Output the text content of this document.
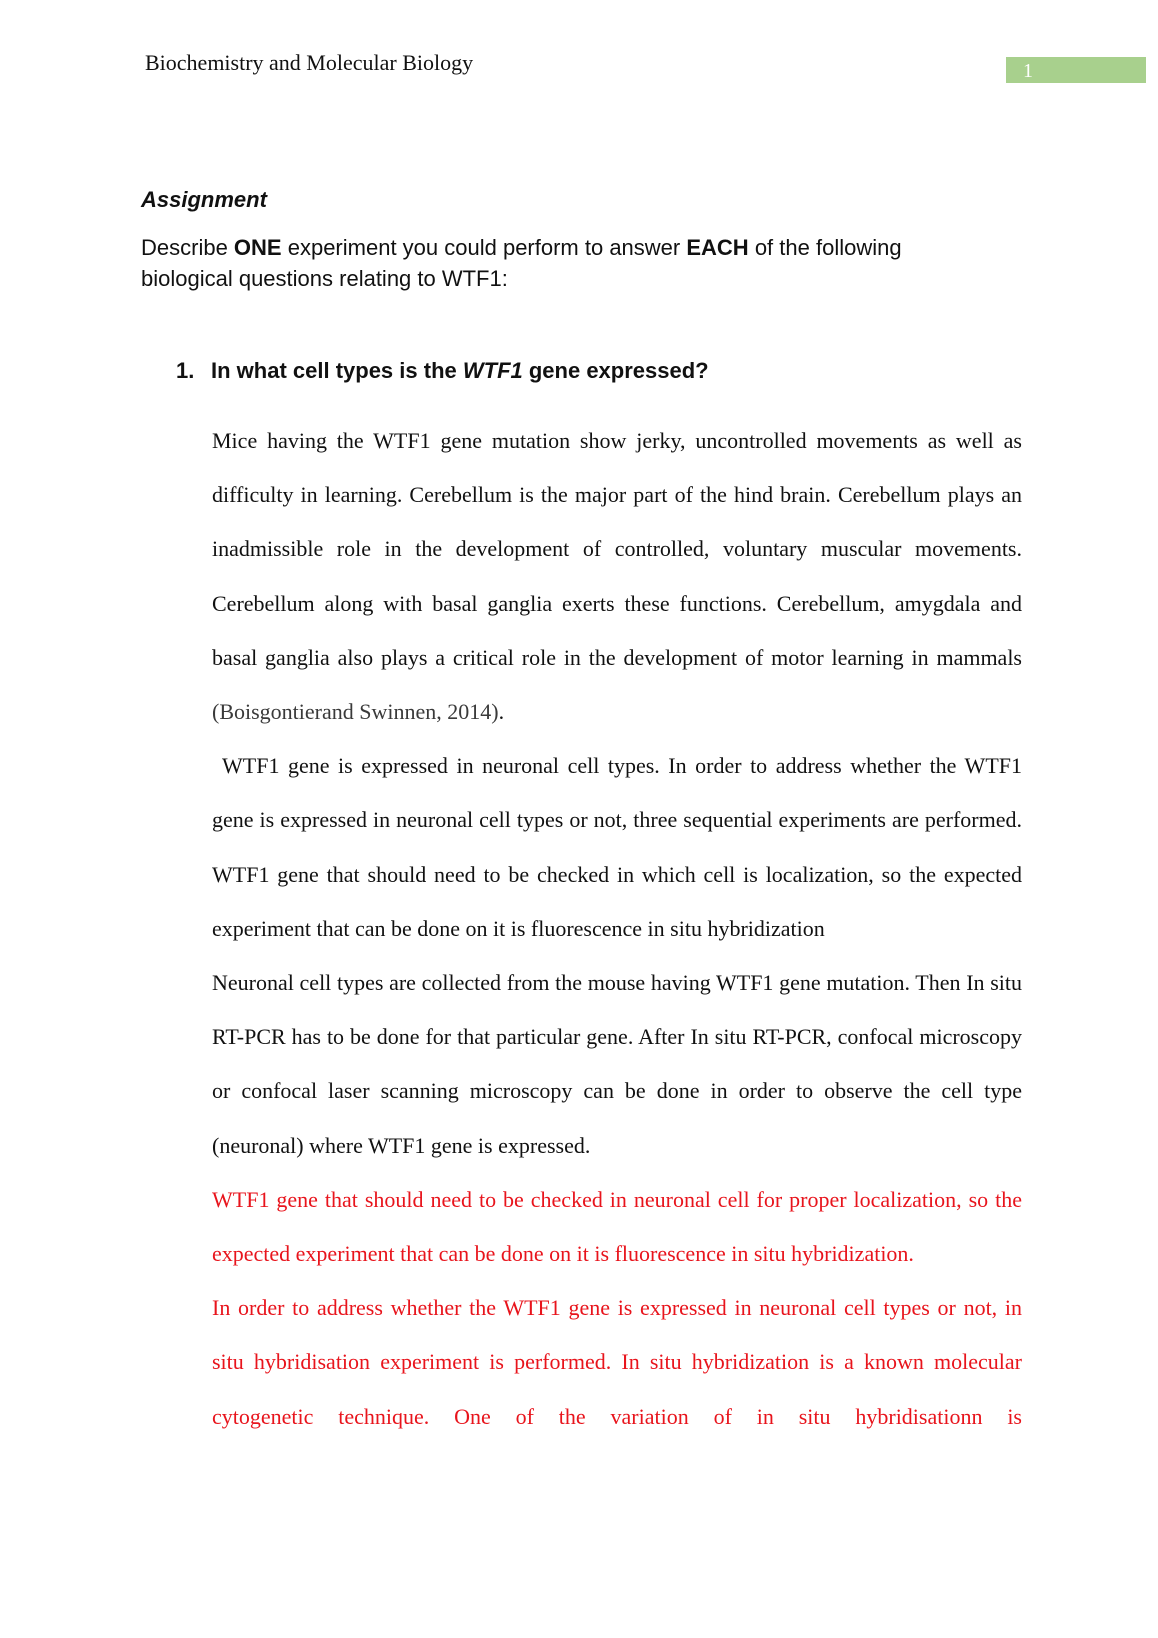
Biochemistry and Molecular Biology	1
Assignment
Describe ONE experiment you could perform to answer EACH of the following biological questions relating to WTF1:
1. In what cell types is the WTF1 gene expressed?

Mice having the WTF1 gene mutation show jerky, uncontrolled movements as well as difficulty in learning. Cerebellum is the major part of the hind brain. Cerebellum plays an inadmissible role in the development of controlled, voluntary muscular movements. Cerebellum along with basal ganglia exerts these functions. Cerebellum, amygdala and basal ganglia also plays a critical role in the development of motor learning in mammals (Boisgontierand Swinnen, 2014).

WTF1 gene is expressed in neuronal cell types. In order to address whether the WTF1 gene is expressed in neuronal cell types or not, three sequential experiments are performed. WTF1 gene that should need to be checked in which cell is localization, so the expected experiment that can be done on it is fluorescence in situ hybridization

Neuronal cell types are collected from the mouse having WTF1 gene mutation. Then In situ RT-PCR has to be done for that particular gene. After In situ RT-PCR, confocal microscopy or confocal laser scanning microscopy can be done in order to observe the cell type (neuronal) where WTF1 gene is expressed.

WTF1 gene that should need to be checked in neuronal cell for proper localization, so the expected experiment that can be done on it is fluorescence in situ hybridization.

In order to address whether the WTF1 gene is expressed in neuronal cell types or not, in situ hybridisation experiment is performed. In situ hybridization is a known molecular cytogenetic technique. One of the variation of in situ hybridisationn is
